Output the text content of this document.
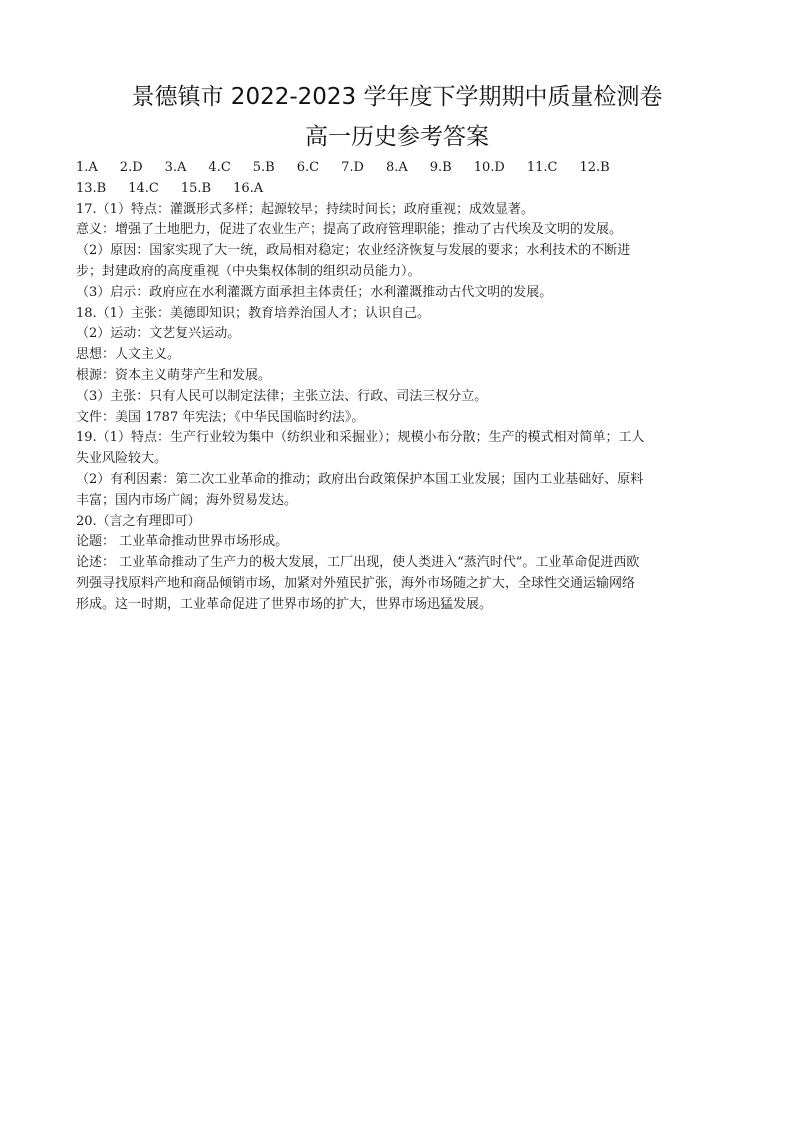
景德镇市 2022-2023 学年度下学期期中质量检测卷
高一历史参考答案
1.A 2.D 3.A 4.C 5.B 6.C 7.D 8.A 9.B 10.D 11.C 12.B
13.B 14.C 15.B 16.A
17.（1）特点：灌溉形式多样；起源较早；持续时间长；政府重视；成效显著。
意义：增强了土地肥力，促进了农业生产；提高了政府管理职能；推动了古代埃及文明的发展。
（2）原因：国家实现了大一统，政局相对稳定；农业经济恢复与发展的要求；水利技术的不断进
步；封建政府的高度重视（中央集权体制的组织动员能力）。
（3）启示：政府应在水利灌溉方面承担主体责任；水利灌溉推动古代文明的发展。
18.（1）主张：美德即知识；教育培养治国人才；认识自己。
（2）运动：文艺复兴运动。
思想：人文主义。
根源：资本主义萌芽产生和发展。
（3）主张：只有人民可以制定法律；主张立法、行政、司法三权分立。
文件：美国 1787 年宪法；《中华民国临时约法》。
19.（1）特点：生产行业较为集中（纺织业和采掘业）；规模小布分散；生产的模式相对简单；工人
失业风险较大。
（2）有利因素：第二次工业革命的推动；政府出台政策保护本国工业发展；国内工业基础好、原料
丰富；国内市场广阔；海外贸易发达。
20.（言之有理即可）
论题： 工业革命推动世界市场形成。
论述： 工业革命推动了生产力的极大发展，工厂出现，使人类进入“蒸汽时代”。工业革命促进西欧
列强寻找原料产地和商品倾销市场，加紧对外殖民扩张，海外市场随之扩大，全球性交通运输网络
形成。这一时期，工业革命促进了世界市场的扩大，世界市场迅猛发展。
